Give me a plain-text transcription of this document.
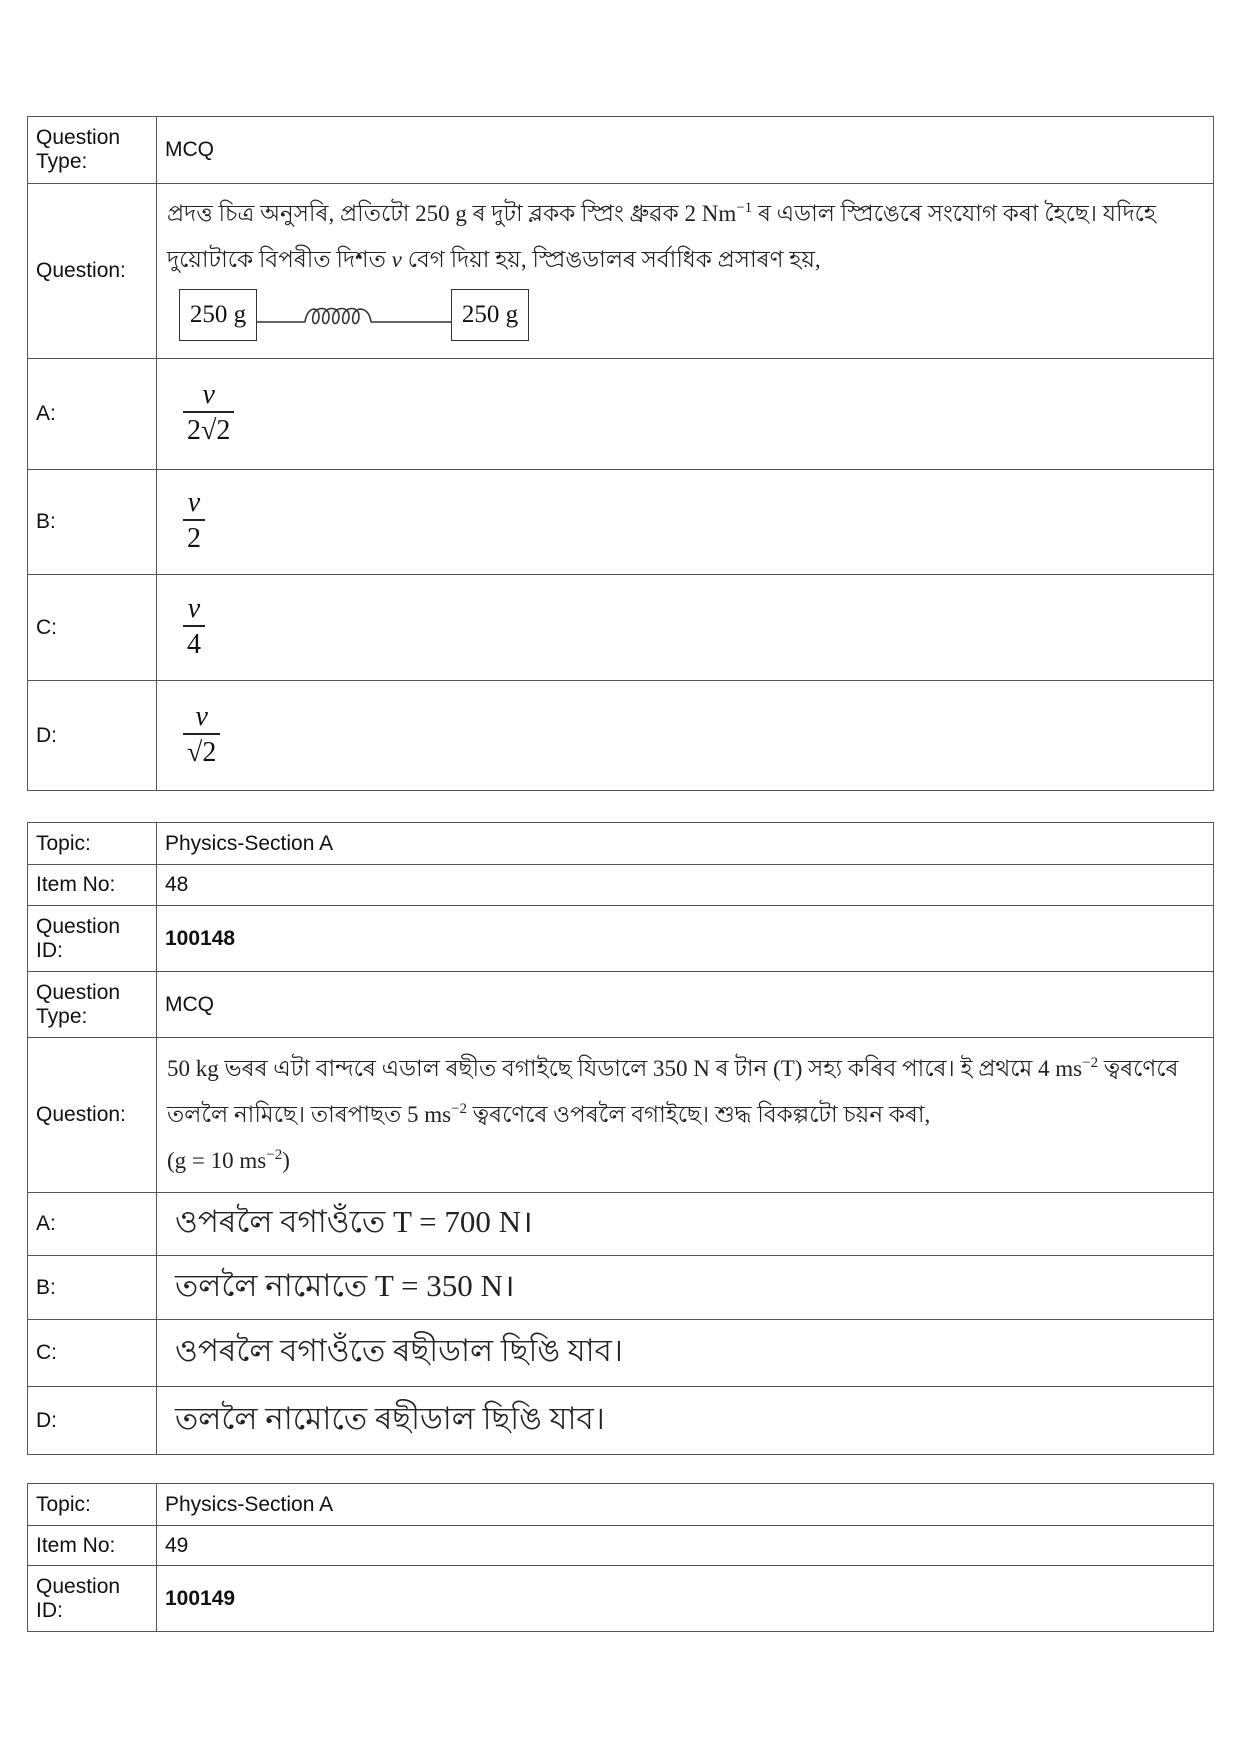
Question Type:	MCQ
Question:	প্ৰদত্ত চিত্ৰ অনুসৰি, প্ৰতিটো 250 g ৰ দুটা ব্লকক স্প্ৰিং ধ্ৰুৱক 2 $Nm^{-1}$ ৰ এডাল স্প্ৰিঙেৰে সংযোগ কৰা হৈছে। যদিহে
দুয়োটাকে বিপৰীত দিশত v বেগ দিয়া হয়, স্প্ৰিঙডালৰ সৰ্বাধিক প্ৰসাৰণ হয়,
250 g 250 g

A:	$\frac{v}{2√2}$

B:	$\frac{v}{2}$

C:	$\frac{v}{4}$

D:	$\frac{v}{√2}$
Topic:	Physics-Section A
Item No:	48
Question ID:	100148
Question Type:	MCQ
Question:	50 kg ভৰৰ এটা বান্দৰে এডাল ৰছীত বগাইছে যিডালে 350 N ৰ টান (T) সহ্য কৰিব পাৰে। ই প্ৰথমে 4 $ms^{-2}$ ত্বৰণেৰে
তললৈ নামিছে। তাৰপাছত 5 $ms^{-2}$ ত্বৰণেৰে ওপৰলৈ বগাইছে। শুদ্ধ বিকল্পটো চয়ন কৰা,
(g = 10 $ms^{-2}$)

A:	ওপৰলৈ বগাওঁতে T = 700 N।
B:	তললৈ নামোতে T = 350 N।
C:	ওপৰলৈ বগাওঁতে ৰছীডাল ছিঙি যাব।
D:	তললৈ নামোতে ৰছীডাল ছিঙি যাব।
Topic:	Physics-Section A
Item No:	49
Question ID:	100149
